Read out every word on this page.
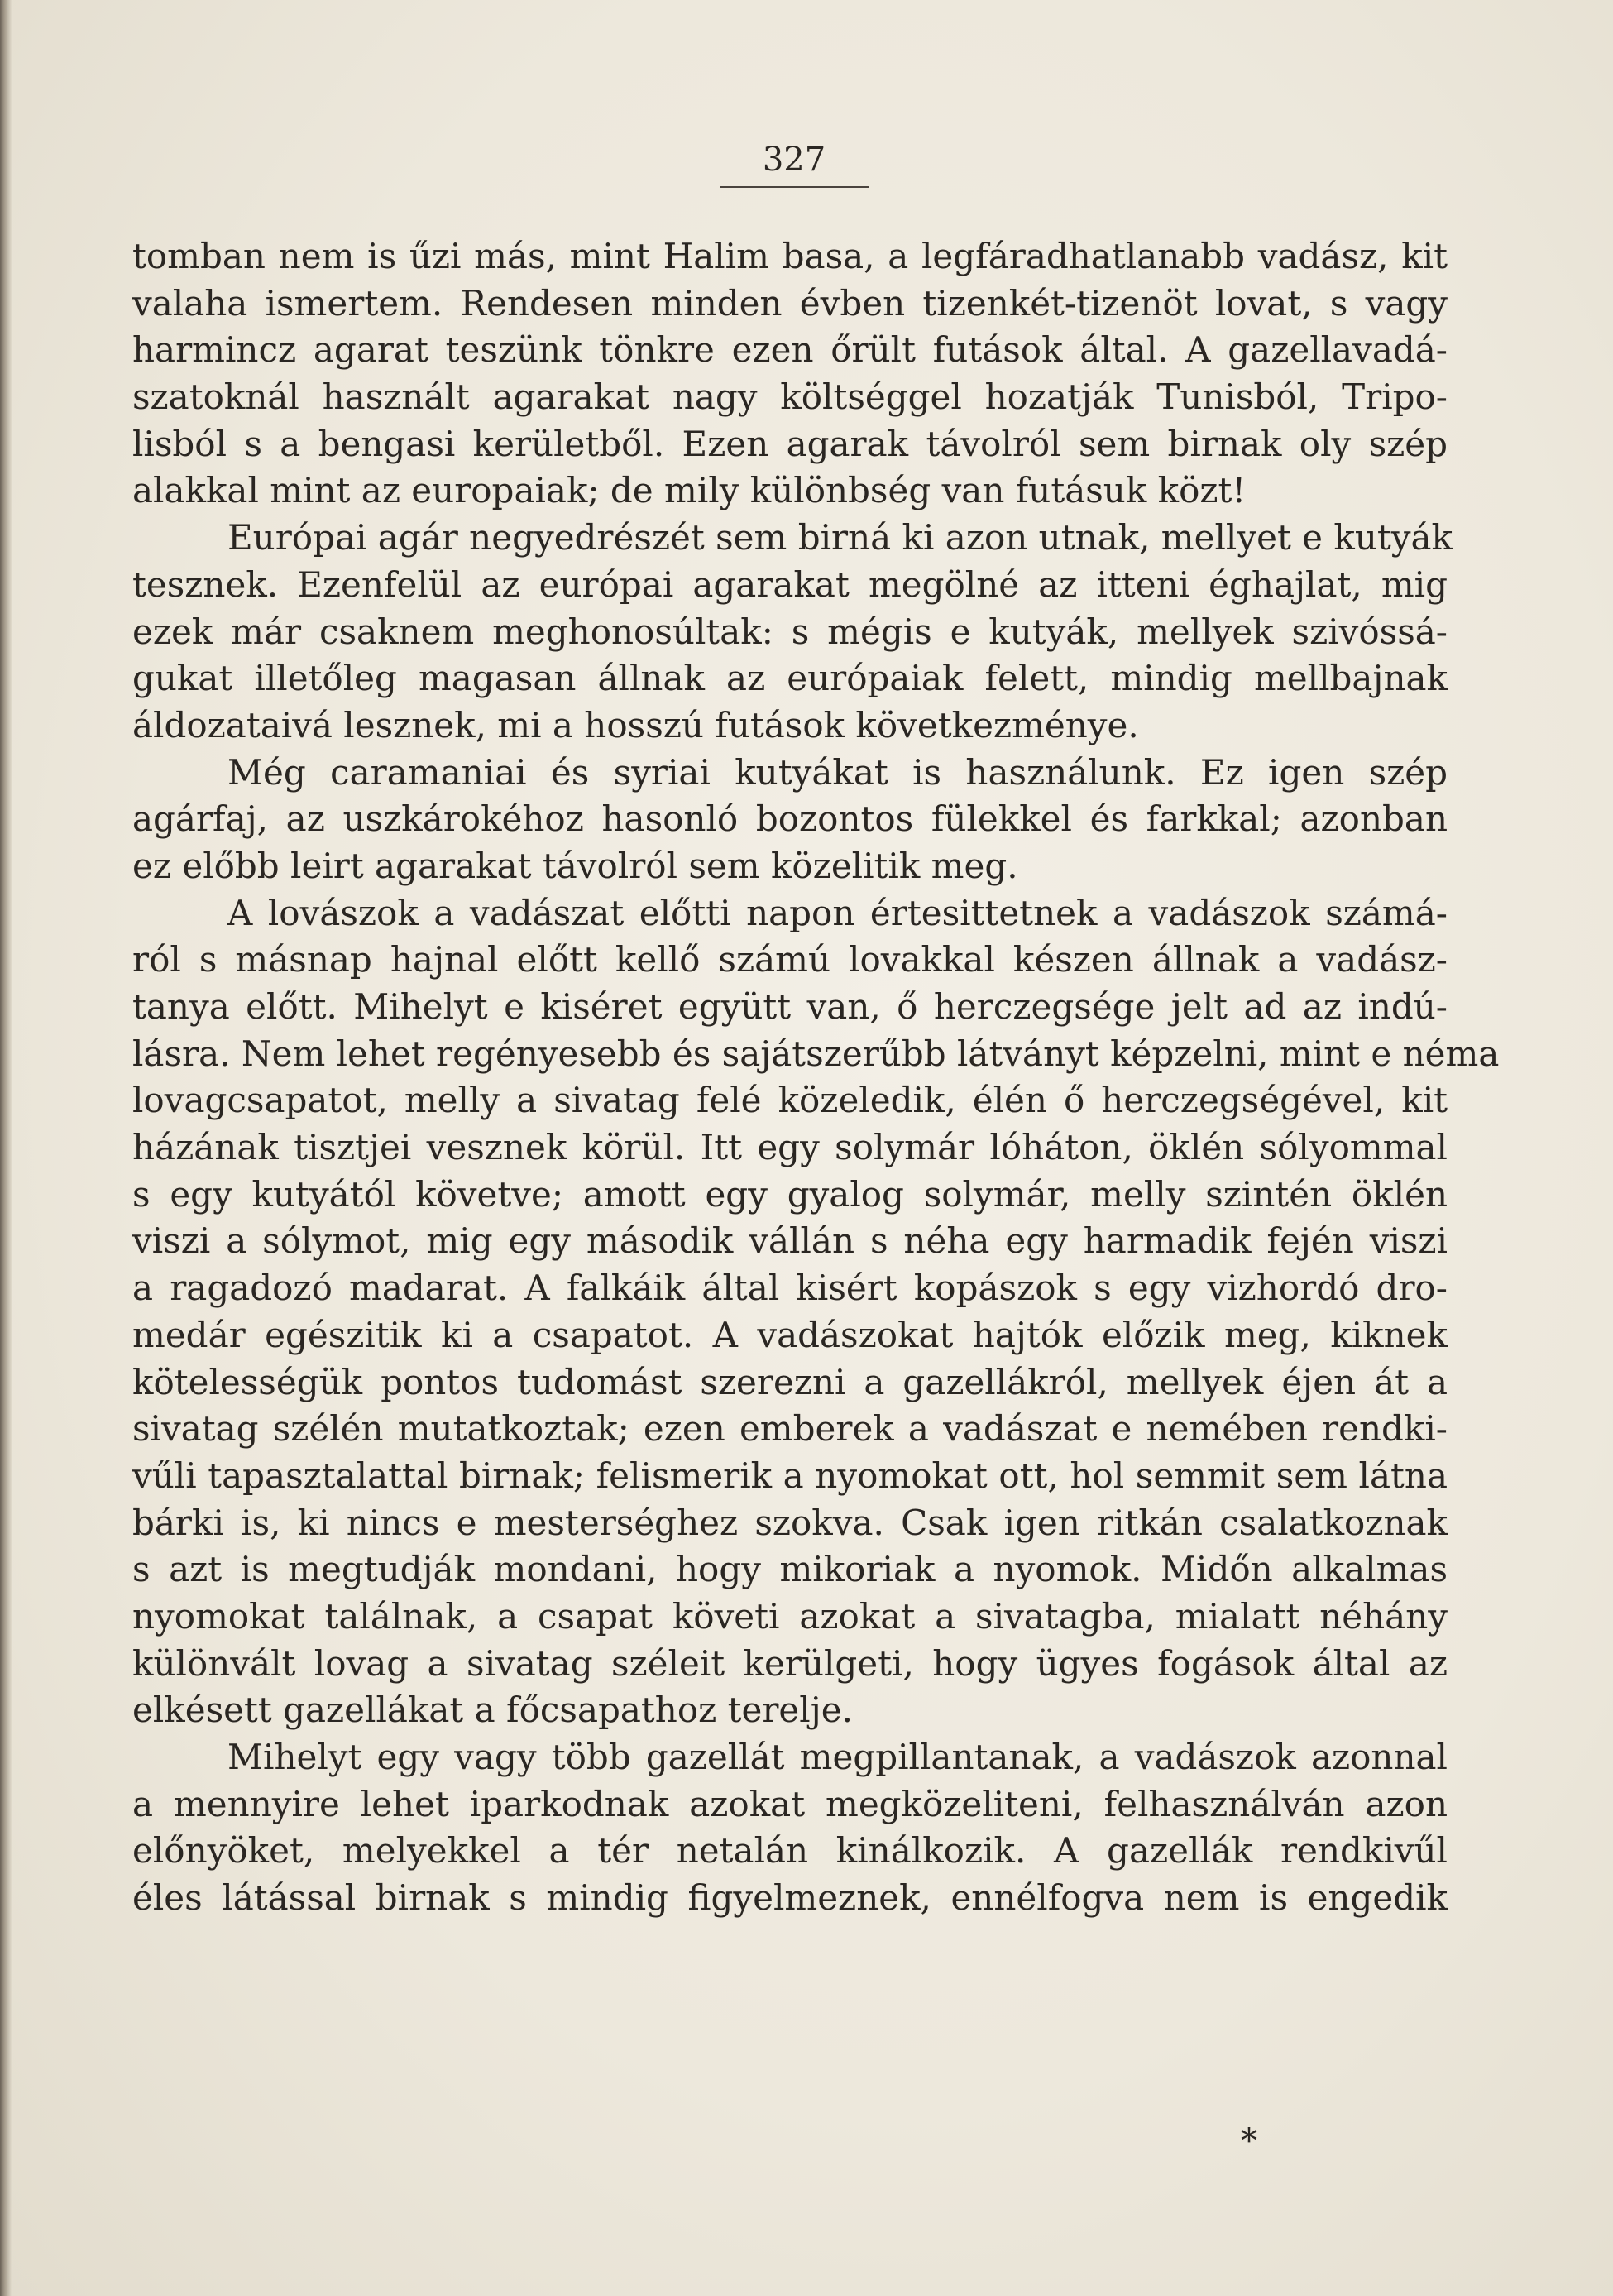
327
tomban nem is űzi más, mint Halim basa, a legfáradhatlanabb vadász, kit
valaha ismertem. Rendesen minden évben tizenkét-tizenöt lovat, s vagy
harmincz agarat teszünk tönkre ezen őrült futások által. A gazellavadá-
szatoknál használt agarakat nagy költséggel hozatják Tunisból, Tripo-
lisból s a bengasi kerületből. Ezen agarak távolról sem birnak oly szép
alakkal mint az europaiak; de mily különbség van futásuk közt!
Európai agár negyedrészét sem birná ki azon utnak, mellyet e kutyák
tesznek. Ezenfelül az európai agarakat megölné az itteni éghajlat, mig
ezek már csaknem meghonosúltak: s mégis e kutyák, mellyek szivóssá-
gukat illetőleg magasan állnak az európaiak felett, mindig mellbajnak
áldozataivá lesznek, mi a hosszú futások következménye.
Még caramaniai és syriai kutyákat is használunk. Ez igen szép
agárfaj, az uszkárokéhoz hasonló bozontos fülekkel és farkkal; azonban
ez előbb leirt agarakat távolról sem közelitik meg.
A lovászok a vadászat előtti napon értesittetnek a vadászok számá-
ról s másnap hajnal előtt kellő számú lovakkal készen állnak a vadász-
tanya előtt. Mihelyt e kiséret együtt van, ő herczegsége jelt ad az indú-
lásra. Nem lehet regényesebb és sajátszerűbb látványt képzelni, mint e néma
lovagcsapatot, melly a sivatag felé közeledik, élén ő herczegségével, kit
házának tisztjei vesznek körül. Itt egy solymár lóháton, öklén sólyommal
s egy kutyától követve; amott egy gyalog solymár, melly szintén öklén
viszi a sólymot, mig egy második vállán s néha egy harmadik fején viszi
a ragadozó madarat. A falkáik által kisért kopászok s egy vizhordó dro-
medár egészitik ki a csapatot. A vadászokat hajtók előzik meg, kiknek
kötelességük pontos tudomást szerezni a gazellákról, mellyek éjen át a
sivatag szélén mutatkoztak; ezen emberek a vadászat e nemében rendki-
vűli tapasztalattal birnak; felismerik a nyomokat ott, hol semmit sem látna
bárki is, ki nincs e mesterséghez szokva. Csak igen ritkán csalatkoznak
s azt is megtudják mondani, hogy mikoriak a nyomok. Midőn alkalmas
nyomokat találnak, a csapat követi azokat a sivatagba, mialatt néhány
különvált lovag a sivatag széleit kerülgeti, hogy ügyes fogások által az
elkésett gazellákat a főcsapathoz terelje.
Mihelyt egy vagy több gazellát megpillantanak, a vadászok azonnal
a mennyire lehet iparkodnak azokat megközeliteni, felhasználván azon
előnyöket, melyekkel a tér netalán kinálkozik. A gazellák rendkivűl
éles látással birnak s mindig figyelmeznek, ennélfogva nem is engedik
*
